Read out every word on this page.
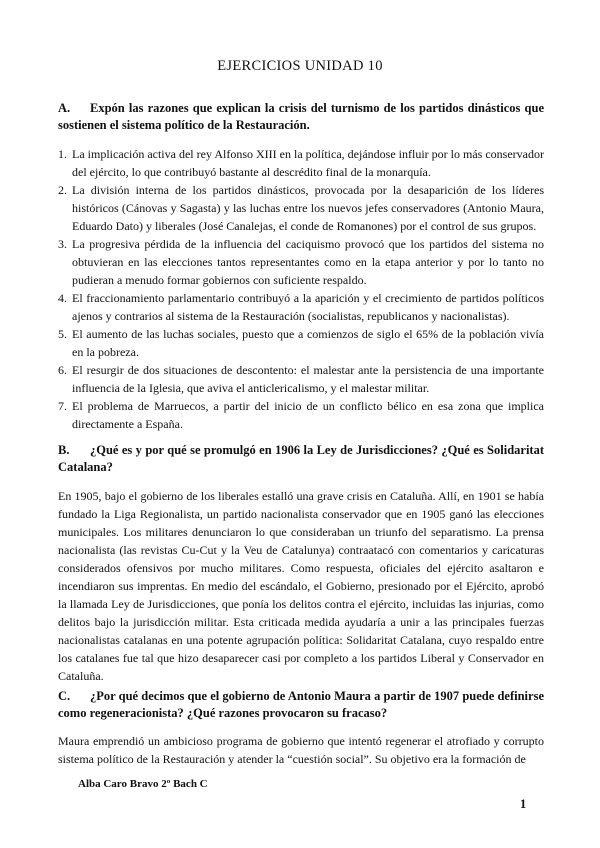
EJERCICIOS UNIDAD 10

A. Expón las razones que explican la crisis del turnismo de los partidos dinásticos que sostienen el sistema político de la Restauración.

1. La implicación activa del rey Alfonso XIII en la política, dejándose influir por lo más conservador del ejército, lo que contribuyó bastante al descrédito final de la monarquía.
2. La división interna de los partidos dinásticos, provocada por la desaparición de los líderes históricos (Cánovas y Sagasta) y las luchas entre los nuevos jefes conservadores (Antonio Maura, Eduardo Dato) y liberales (José Canalejas, el conde de Romanones) por el control de sus grupos.
3. La progresiva pérdida de la influencia del caciquismo provocó que los partidos del sistema no obtuvieran en las elecciones tantos representantes como en la etapa anterior y por lo tanto no pudieran a menudo formar gobiernos con suficiente respaldo.
4. El fraccionamiento parlamentario contribuyó a la aparición y el crecimiento de partidos políticos ajenos y contrarios al sistema de la Restauración (socialistas, republicanos y nacionalistas).
5. El aumento de las luchas sociales, puesto que a comienzos de siglo el 65% de la población vivía en la pobreza.
6. El resurgir de dos situaciones de descontento: el malestar ante la persistencia de una importante influencia de la Iglesia, que aviva el anticlericalismo, y el malestar militar.
7. El problema de Marruecos, a partir del inicio de un conflicto bélico en esa zona que implica directamente a España.

B. ¿Qué es y por qué se promulgó en 1906 la Ley de Jurisdicciones? ¿Qué es Solidaritat Catalana?

En 1905, bajo el gobierno de los liberales estalló una grave crisis en Cataluña. Allí, en 1901 se había fundado la Liga Regionalista, un partido nacionalista conservador que en 1905 ganó las elecciones municipales. Los militares denunciaron lo que consideraban un triunfo del separatismo. La prensa nacionalista (las revistas Cu-Cut y la Veu de Catalunya) contraatacó con comentarios y caricaturas considerados ofensivos por mucho militares. Como respuesta, oficiales del ejército asaltaron e incendiaron sus imprentas. En medio del escándalo, el Gobierno, presionado por el Ejército, aprobó la llamada Ley de Jurisdicciones, que ponía los delitos contra el ejército, incluidas las injurias, como delitos bajo la jurisdicción militar. Esta criticada medida ayudaría a unir a las principales fuerzas nacionalistas catalanas en una potente agrupación política: Solidaritat Catalana, cuyo respaldo entre los catalanes fue tal que hizo desaparecer casi por completo a los partidos Liberal y Conservador en Cataluña.

C. ¿Por qué decimos que el gobierno de Antonio Maura a partir de 1907 puede definirse como regeneracionista? ¿Qué razones provocaron su fracaso?

Maura emprendió un ambicioso programa de gobierno que intentó regenerar el atrofiado y corrupto sistema político de la Restauración y atender la “cuestión social”. Su objetivo era la formación de

Alba Caro Bravo 2º Bach C
1
